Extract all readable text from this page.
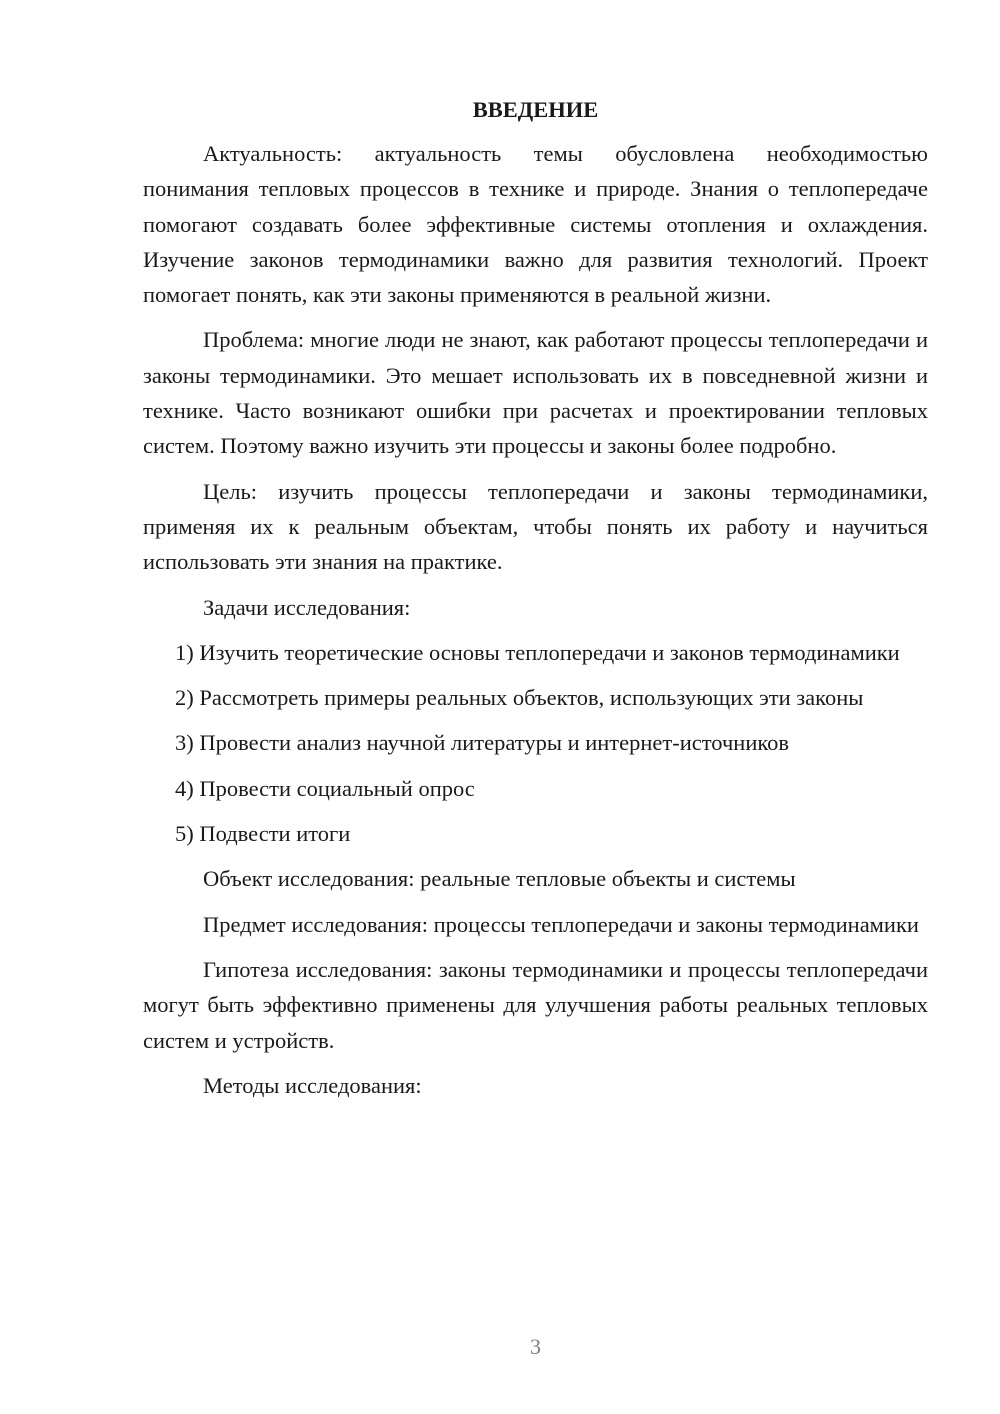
ВВЕДЕНИЕ

Актуальность: актуальность темы обусловлена необходимостью понимания тепловых процессов в технике и природе. Знания о теплопередаче помогают создавать более эффективные системы отопления и охлаждения. Изучение законов термодинамики важно для развития технологий. Проект помогает понять, как эти законы применяются в реальной жизни.

Проблема: многие люди не знают, как работают процессы теплопередачи и законы термодинамики. Это мешает использовать их в повседневной жизни и технике. Часто возникают ошибки при расчетах и проектировании тепловых систем. Поэтому важно изучить эти процессы и законы более подробно.

Цель: изучить процессы теплопередачи и законы термодинамики, применяя их к реальным объектам, чтобы понять их работу и научиться использовать эти знания на практике.

Задачи исследования:

1) Изучить теоретические основы теплопередачи и законов термодинамики

2) Рассмотреть примеры реальных объектов, использующих эти законы

3) Провести анализ научной литературы и интернет-источников

4) Провести социальный опрос

5) Подвести итоги

Объект исследования: реальные тепловые объекты и системы

Предмет исследования: процессы теплопередачи и законы термодинамики

Гипотеза исследования: законы термодинамики и процессы теплопередачи могут быть эффективно применены для улучшения работы реальных тепловых систем и устройств.

Методы исследования:

3
